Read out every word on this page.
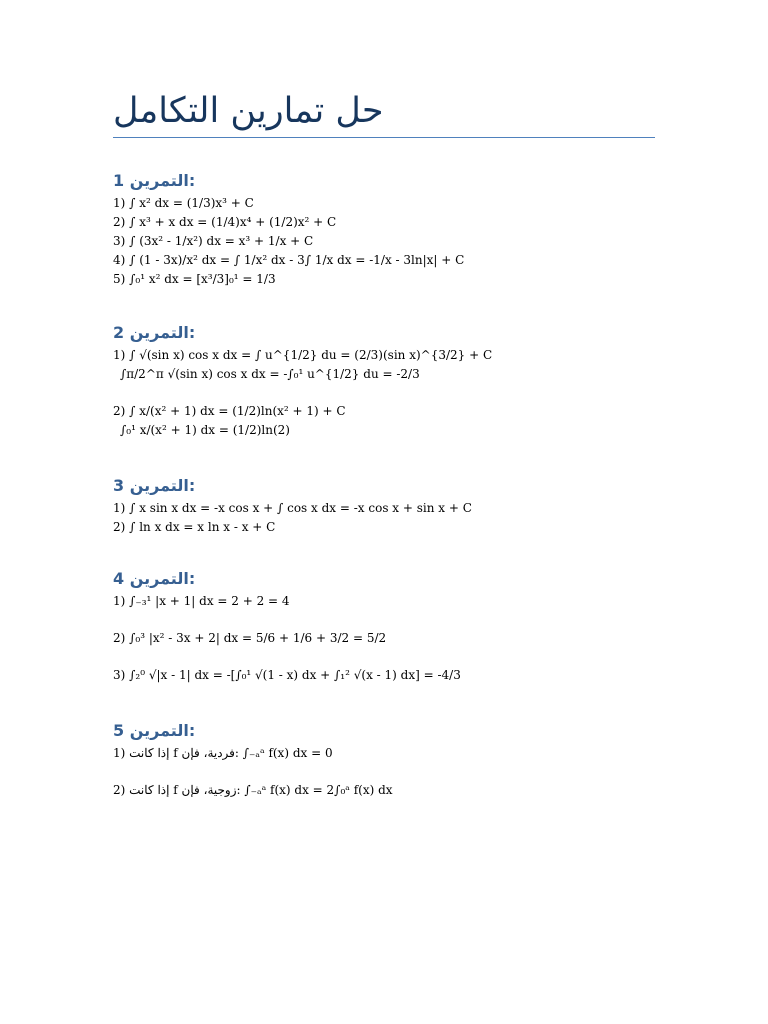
حل تمارين التكامل
1 التمرين:
1) ∫ x² dx = (1/3)x³ + C
2) ∫ x³ + x dx = (1/4)x⁴ + (1/2)x² + C
3) ∫ (3x² - 1/x²) dx = x³ + 1/x + C
4) ∫ (1 - 3x)/x² dx = ∫ 1/x² dx - 3∫ 1/x dx = -1/x - 3ln|x| + C
5) ∫₀¹ x² dx = [x³/3]₀¹ = 1/3
2 التمرين:
1) ∫ √(sin x) cos x dx = ∫ u^{1/2} du = (2/3)(sin x)^{3/2} + C
∫π/2^π √(sin x) cos x dx = -∫₀¹ u^{1/2} du = -2/3
2) ∫ x/(x² + 1) dx = (1/2)ln(x² + 1) + C
∫₀¹ x/(x² + 1) dx = (1/2)ln(2)
3 التمرين:
1) ∫ x sin x dx = -x cos x + ∫ cos x dx = -x cos x + sin x + C
2) ∫ ln x dx = x ln x - x + C
4 التمرين:
1) ∫₋₃¹ |x + 1| dx = 2 + 2 = 4
2) ∫₀³ |x² - 3x + 2| dx = 5/6 + 1/6 + 3/2 = 5/2
3) ∫₂⁰ √|x - 1| dx = -[∫₀¹ √(1 - x) dx + ∫₁² √(x - 1) dx] = -4/3
5 التمرين:
1) إذا كانت f فردية، فإن: ∫₋ₐᵃ f(x) dx = 0
2) إذا كانت f زوجية، فإن: ∫₋ₐᵃ f(x) dx = 2∫₀ᵃ f(x) dx
